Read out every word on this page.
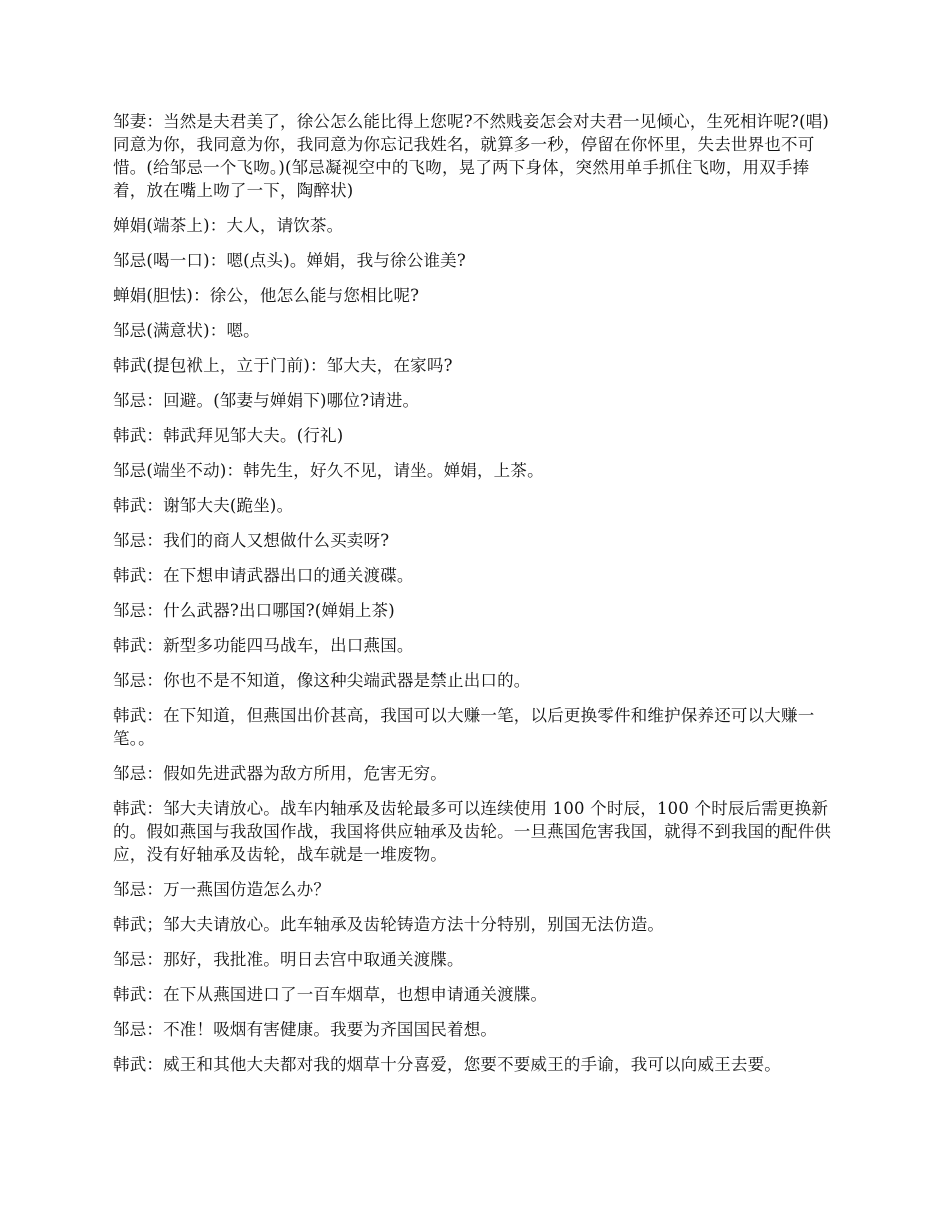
邹妻：当然是夫君美了，徐公怎么能比得上您呢?不然贱妾怎会对夫君一见倾心，生死相许呢?(唱)同意为你，我同意为你，我同意为你忘记我姓名，就算多一秒，停留在你怀里，失去世界也不可惜。(给邹忌一个飞吻。)(邹忌凝视空中的飞吻，晃了两下身体，突然用单手抓住飞吻，用双手捧着，放在嘴上吻了一下，陶醉状)

婵娟(端茶上)：大人，请饮茶。

邹忌(喝一口)：嗯(点头)。婵娟，我与徐公谁美?

蝉娟(胆怯)：徐公，他怎么能与您相比呢?

邹忌(满意状)：嗯。

韩武(提包袱上，立于门前)：邹大夫，在家吗?

邹忌：回避。(邹妻与婵娟下)哪位?请进。

韩武：韩武拜见邹大夫。(行礼)

邹忌(端坐不动)：韩先生，好久不见，请坐。婵娟，上茶。

韩武：谢邹大夫(跪坐)。

邹忌：我们的商人又想做什么买卖呀?

韩武：在下想申请武器出口的通关渡碟。

邹忌：什么武器?出口哪国?(婵娟上茶)

韩武：新型多功能四马战车，出口燕国。

邹忌：你也不是不知道，像这种尖端武器是禁止出口的。

韩武：在下知道，但燕国出价甚高，我国可以大赚一笔，以后更换零件和维护保养还可以大赚一笔。。

邹忌：假如先进武器为敌方所用，危害无穷。

韩武：邹大夫请放心。战车内轴承及齿轮最多可以连续使用 100 个时辰，100 个时辰后需更换新的。假如燕国与我敌国作战，我国将供应轴承及齿轮。一旦燕国危害我国，就得不到我国的配件供应，没有好轴承及齿轮，战车就是一堆废物。

邹忌：万一燕国仿造怎么办？

韩武；邹大夫请放心。此车轴承及齿轮铸造方法十分特别，别国无法仿造。

邹忌：那好，我批准。明日去宫中取通关渡牒。

韩武：在下从燕国进口了一百车烟草，也想申请通关渡牒。

邹忌：不准！吸烟有害健康。我要为齐国国民着想。

韩武：威王和其他大夫都对我的烟草十分喜爱，您要不要威王的手谕，我可以向威王去要。
